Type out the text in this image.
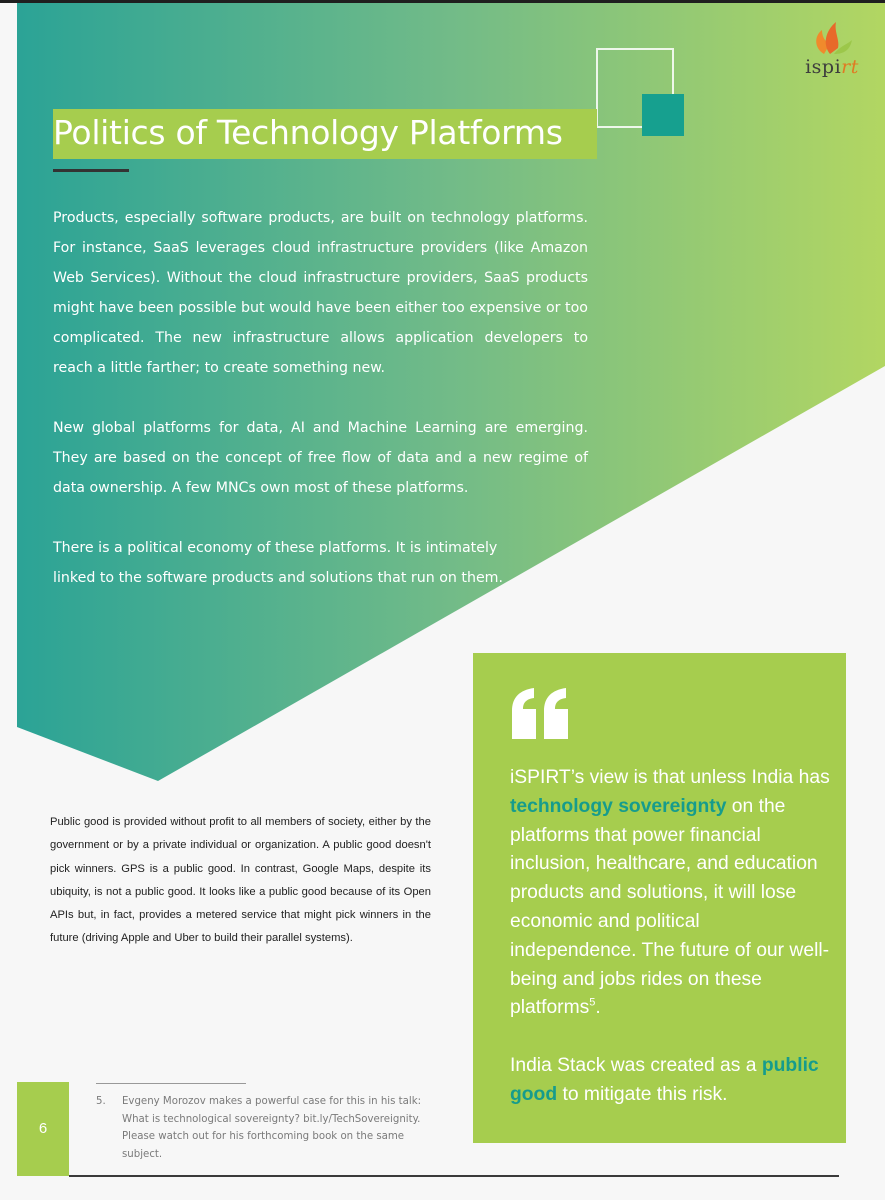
ispirt
Politics of Technology Platforms

Products, especially software products, are built on technology platforms. For instance, SaaS leverages cloud infrastructure providers (like Amazon Web Services). Without the cloud infrastructure providers, SaaS products might have been possible but would have been either too expensive or too complicated. The new infrastructure allows application developers to reach a little farther; to create something new.

New global platforms for data, AI and Machine Learning are emerging. They are based on the concept of free flow of data and a new regime of data ownership. A few MNCs own most of these platforms.

There is a political economy of these platforms. It is intimately linked to the software products and solutions that run on them.

Public good is provided without profit to all members of society, either by the government or by a private individual or organization. A public good doesn't pick winners. GPS is a public good. In contrast, Google Maps, despite its ubiquity, is not a public good. It looks like a public good because of its Open APIs but, in fact, provides a metered service that might pick winners in the future (driving Apple and Uber to build their parallel systems).

iSPIRT’s view is that unless India has technology sovereignty on the platforms that power financial inclusion, healthcare, and education products and solutions, it will lose economic and political independence. The future of our well-being and jobs rides on these platforms$^5$.

India Stack was created as a public good to mitigate this risk.

6
5. Evgeny Morozov makes a powerful case for this in his talk: What is technological sovereignty? bit.ly/TechSovereignity. Please watch out for his forthcoming book on the same subject.
